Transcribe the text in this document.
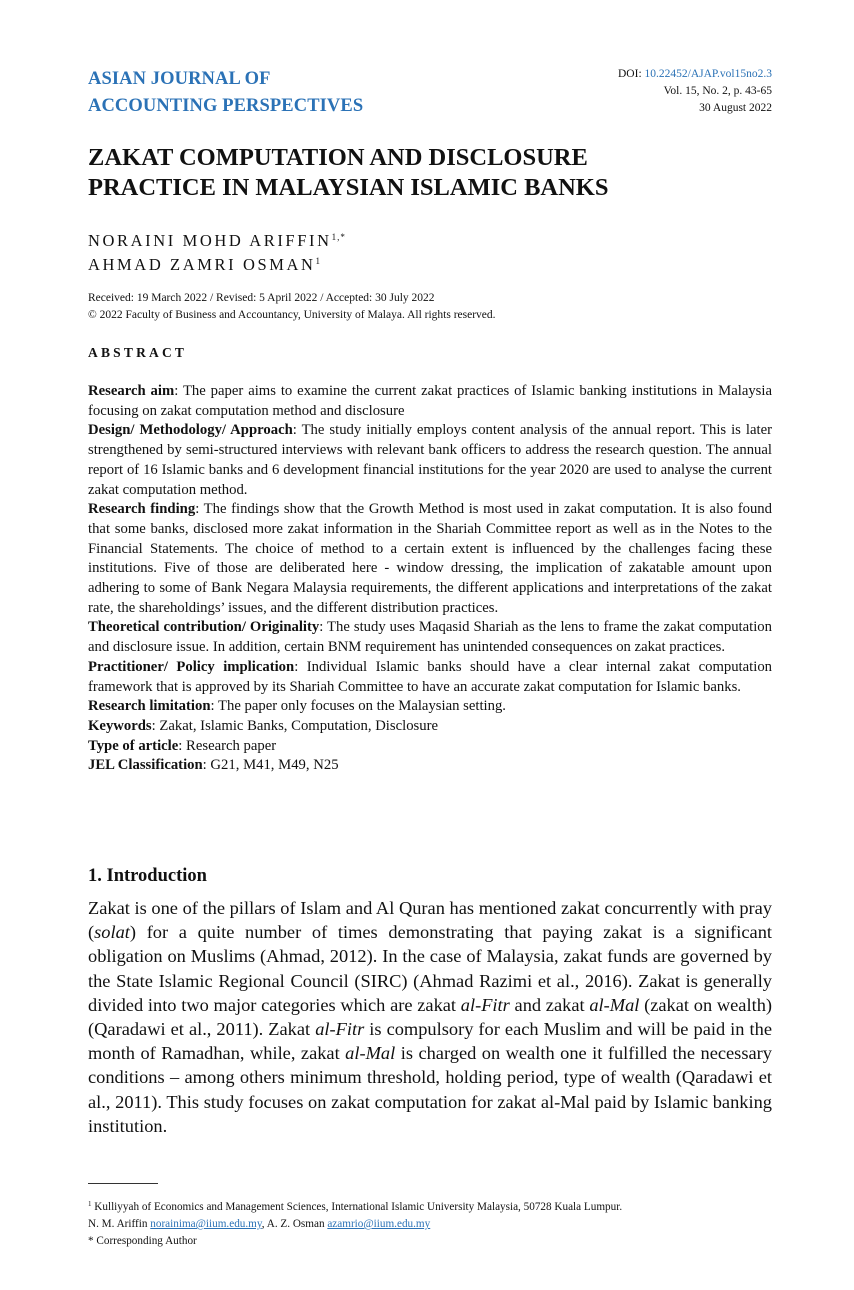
ASIAN JOURNAL OF
ACCOUNTING PERSPECTIVES
DOI: 10.22452/AJAP.vol15no2.3
Vol. 15, No. 2, p. 43-65
30 August 2022
ZAKAT COMPUTATION AND DISCLOSURE
PRACTICE IN MALAYSIAN ISLAMIC BANKS
NORAINI MOHD $ARIFFIN^{1,*}$
AHMAD ZAMRI OSMAN$^1$
Received: 19 March 2022 / Revised: 5 April 2022 / Accepted: 30 July 2022
© 2022 Faculty of Business and Accountancy, University of Malaya. All rights reserved.
ABSTRACT

Research aim: The paper aims to examine the current zakat practices of Islamic banking institutions in Malaysia focusing on zakat computation method and disclosure

Design/ Methodology/ Approach: The study initially employs content analysis of the annual report. This is later strengthened by semi-structured interviews with relevant bank officers to address the research question. The annual report of 16 Islamic banks and 6 development financial institutions for the year 2020 are used to analyse the current zakat computation method.

Research finding: The findings show that the Growth Method is most used in zakat computation. It is also found that some banks, disclosed more zakat information in the Shariah Committee report as well as in the Notes to the Financial Statements. The choice of method to a certain extent is influenced by the challenges facing these institutions. Five of those are deliberated here - window dressing, the implication of zakatable amount upon adhering to some of Bank Negara Malaysia requirements, the different applications and interpretations of the zakat rate, the shareholdings’ issues, and the different distribution practices.

Theoretical contribution/ Originality: The study uses Maqasid Shariah as the lens to frame the zakat computation and disclosure issue. In addition, certain BNM requirement has unintended consequences on zakat practices.

Practitioner/ Policy implication: Individual Islamic banks should have a clear internal zakat computation framework that is approved by its Shariah Committee to have an accurate zakat computation for Islamic banks.

Research limitation: The paper only focuses on the Malaysian setting.

Keywords: Zakat, Islamic Banks, Computation, Disclosure

Type of article: Research paper

JEL Classification: G21, M41, M49, N25

1. Introduction

Zakat is one of the pillars of Islam and Al Quran has mentioned zakat concurrently with pray (solat) for a quite number of times demonstrating that paying zakat is a significant obligation on Muslims (Ahmad, 2012). In the case of Malaysia, zakat funds are governed by the State Islamic Regional Council (SIRC) (Ahmad Razimi et al., 2016). Zakat is generally divided into two major categories which are zakat al-Fitr and zakat al-Mal (zakat on wealth) (Qaradawi et al., 2011). Zakat al-Fitr is compulsory for each Muslim and will be paid in the month of Ramadhan, while, zakat al-Mal is charged on wealth one it fulfilled the necessary conditions – among others minimum threshold, holding period, type of wealth (Qaradawi et al., 2011). This study focuses on zakat computation for zakat al-Mal paid by Islamic banking institution.

$^1$ Kulliyyah of Economics and Management Sciences, International Islamic University Malaysia, 50728 Kuala Lumpur.

N. M. Ariffin norainima@iium.edu.my, A. Z. Osman azamrio@iium.edu.my

* Corresponding Author
